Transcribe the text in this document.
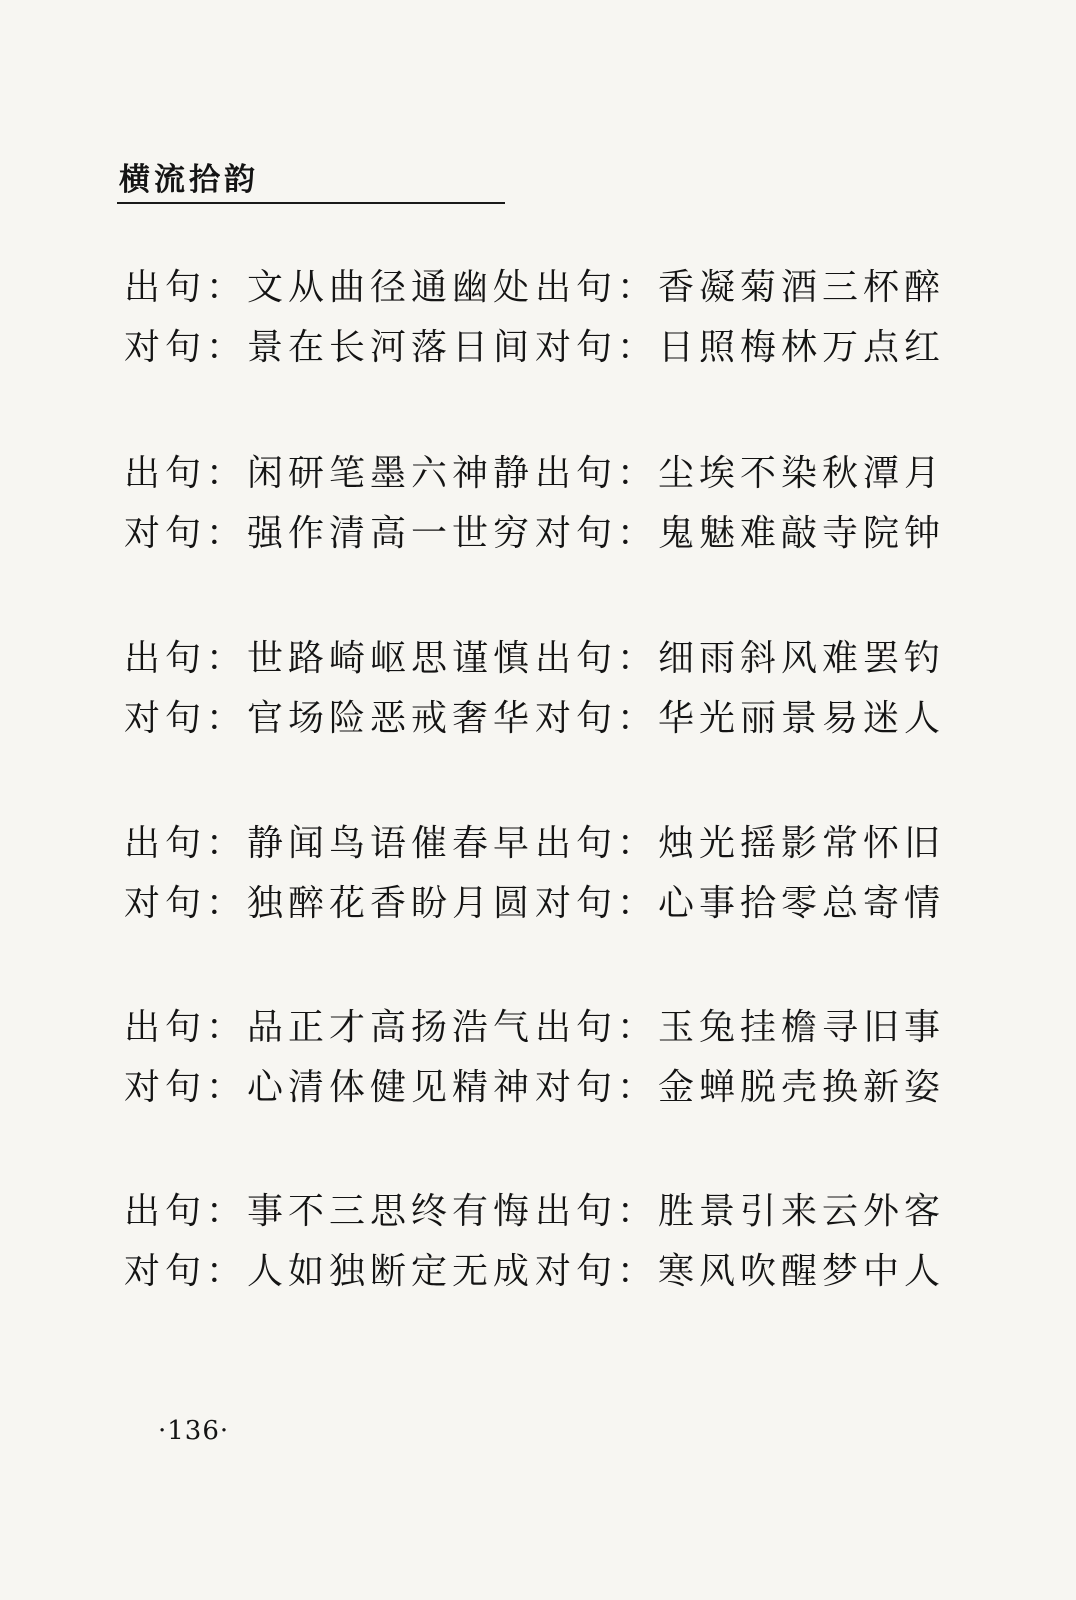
横流拾韵
出句：文从曲径通幽处 出句：香凝菊酒三杯醉
对句：景在长河落日间 对句：日照梅林万点红
出句：闲研笔墨六神静 出句：尘埃不染秋潭月
对句：强作清高一世穷 对句：鬼魅难敲寺院钟
出句：世路崎岖思谨慎 出句：细雨斜风难罢钓
对句：官场险恶戒奢华 对句：华光丽景易迷人
出句：静闻鸟语催春早 出句：烛光摇影常怀旧
对句：独醉花香盼月圆 对句：心事拾零总寄情
出句：品正才高扬浩气 出句：玉兔挂檐寻旧事
对句：心清体健见精神 对句：金蝉脱壳换新姿
出句：事不三思终有悔 出句：胜景引来云外客
对句：人如独断定无成 对句：寒风吹醒梦中人
·136·
